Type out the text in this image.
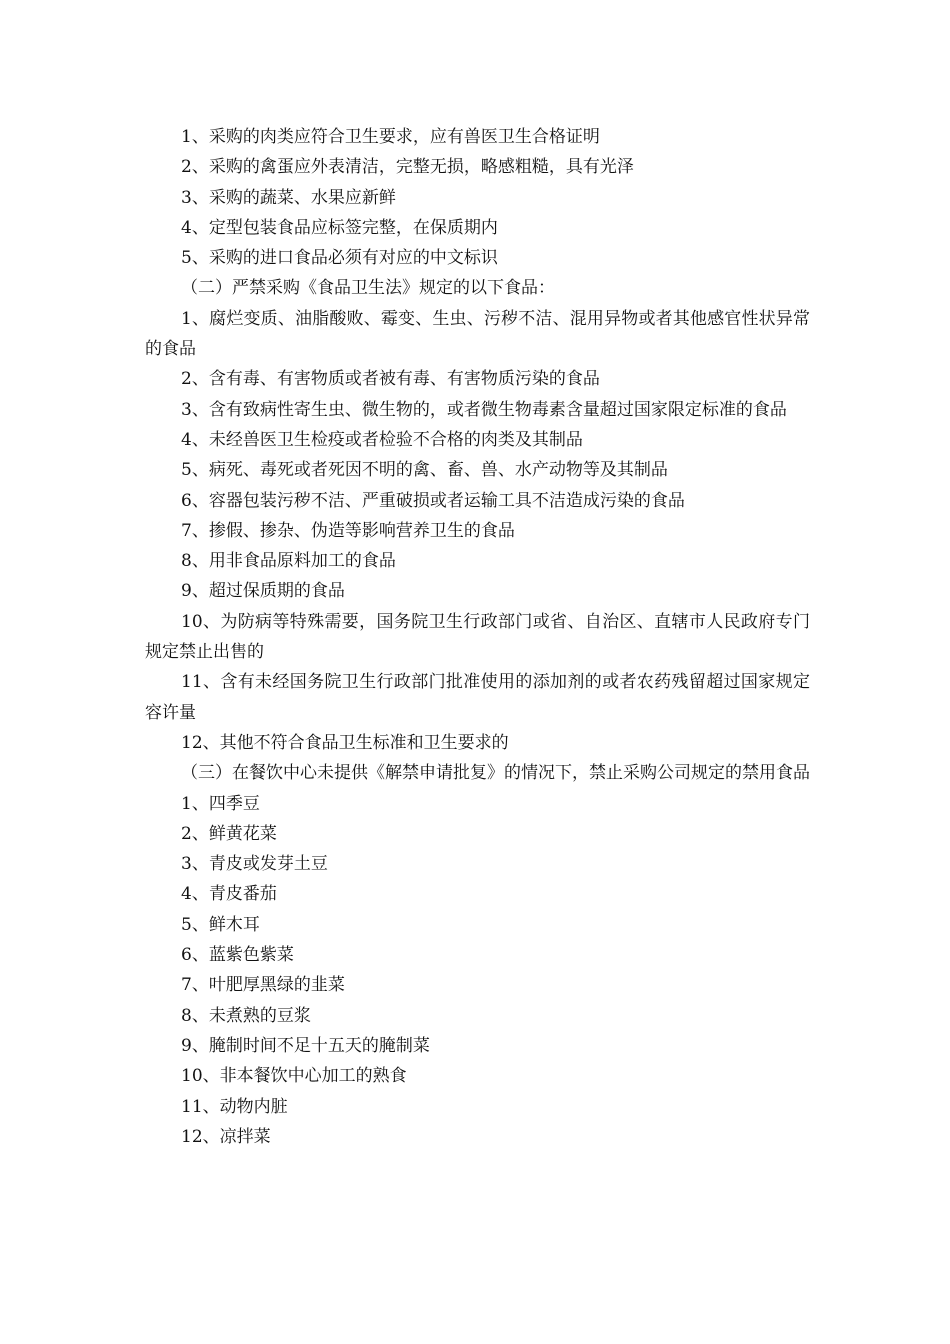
1、采购的肉类应符合卫生要求，应有兽医卫生合格证明

2、采购的禽蛋应外表清洁，完整无损，略感粗糙，具有光泽

3、采购的蔬菜、水果应新鲜

4、定型包装食品应标签完整，在保质期内

5、采购的进口食品必须有对应的中文标识

（二）严禁采购《食品卫生法》规定的以下食品：

1、腐烂变质、油脂酸败、霉变、生虫、污秽不洁、混用异物或者其他感官性状异常的食品

2、含有毒、有害物质或者被有毒、有害物质污染的食品

3、含有致病性寄生虫、微生物的，或者微生物毒素含量超过国家限定标准的食品

4、未经兽医卫生检疫或者检验不合格的肉类及其制品

5、病死、毒死或者死因不明的禽、畜、兽、水产动物等及其制品

6、容器包装污秽不洁、严重破损或者运输工具不洁造成污染的食品

7、掺假、掺杂、伪造等影响营养卫生的食品

8、用非食品原料加工的食品

9、超过保质期的食品

10、为防病等特殊需要，国务院卫生行政部门或省、自治区、直辖市人民政府专门规定禁止出售的

11、含有未经国务院卫生行政部门批准使用的添加剂的或者农药残留超过国家规定容许量

12、其他不符合食品卫生标准和卫生要求的

（三）在餐饮中心未提供《解禁申请批复》的情况下，禁止采购公司规定的禁用食品

1、四季豆

2、鲜黄花菜

3、青皮或发芽土豆

4、青皮番茄

5、鲜木耳

6、蓝紫色紫菜

7、叶肥厚黑绿的韭菜

8、未煮熟的豆浆

9、腌制时间不足十五天的腌制菜

10、非本餐饮中心加工的熟食

11、动物内脏

12、凉拌菜
